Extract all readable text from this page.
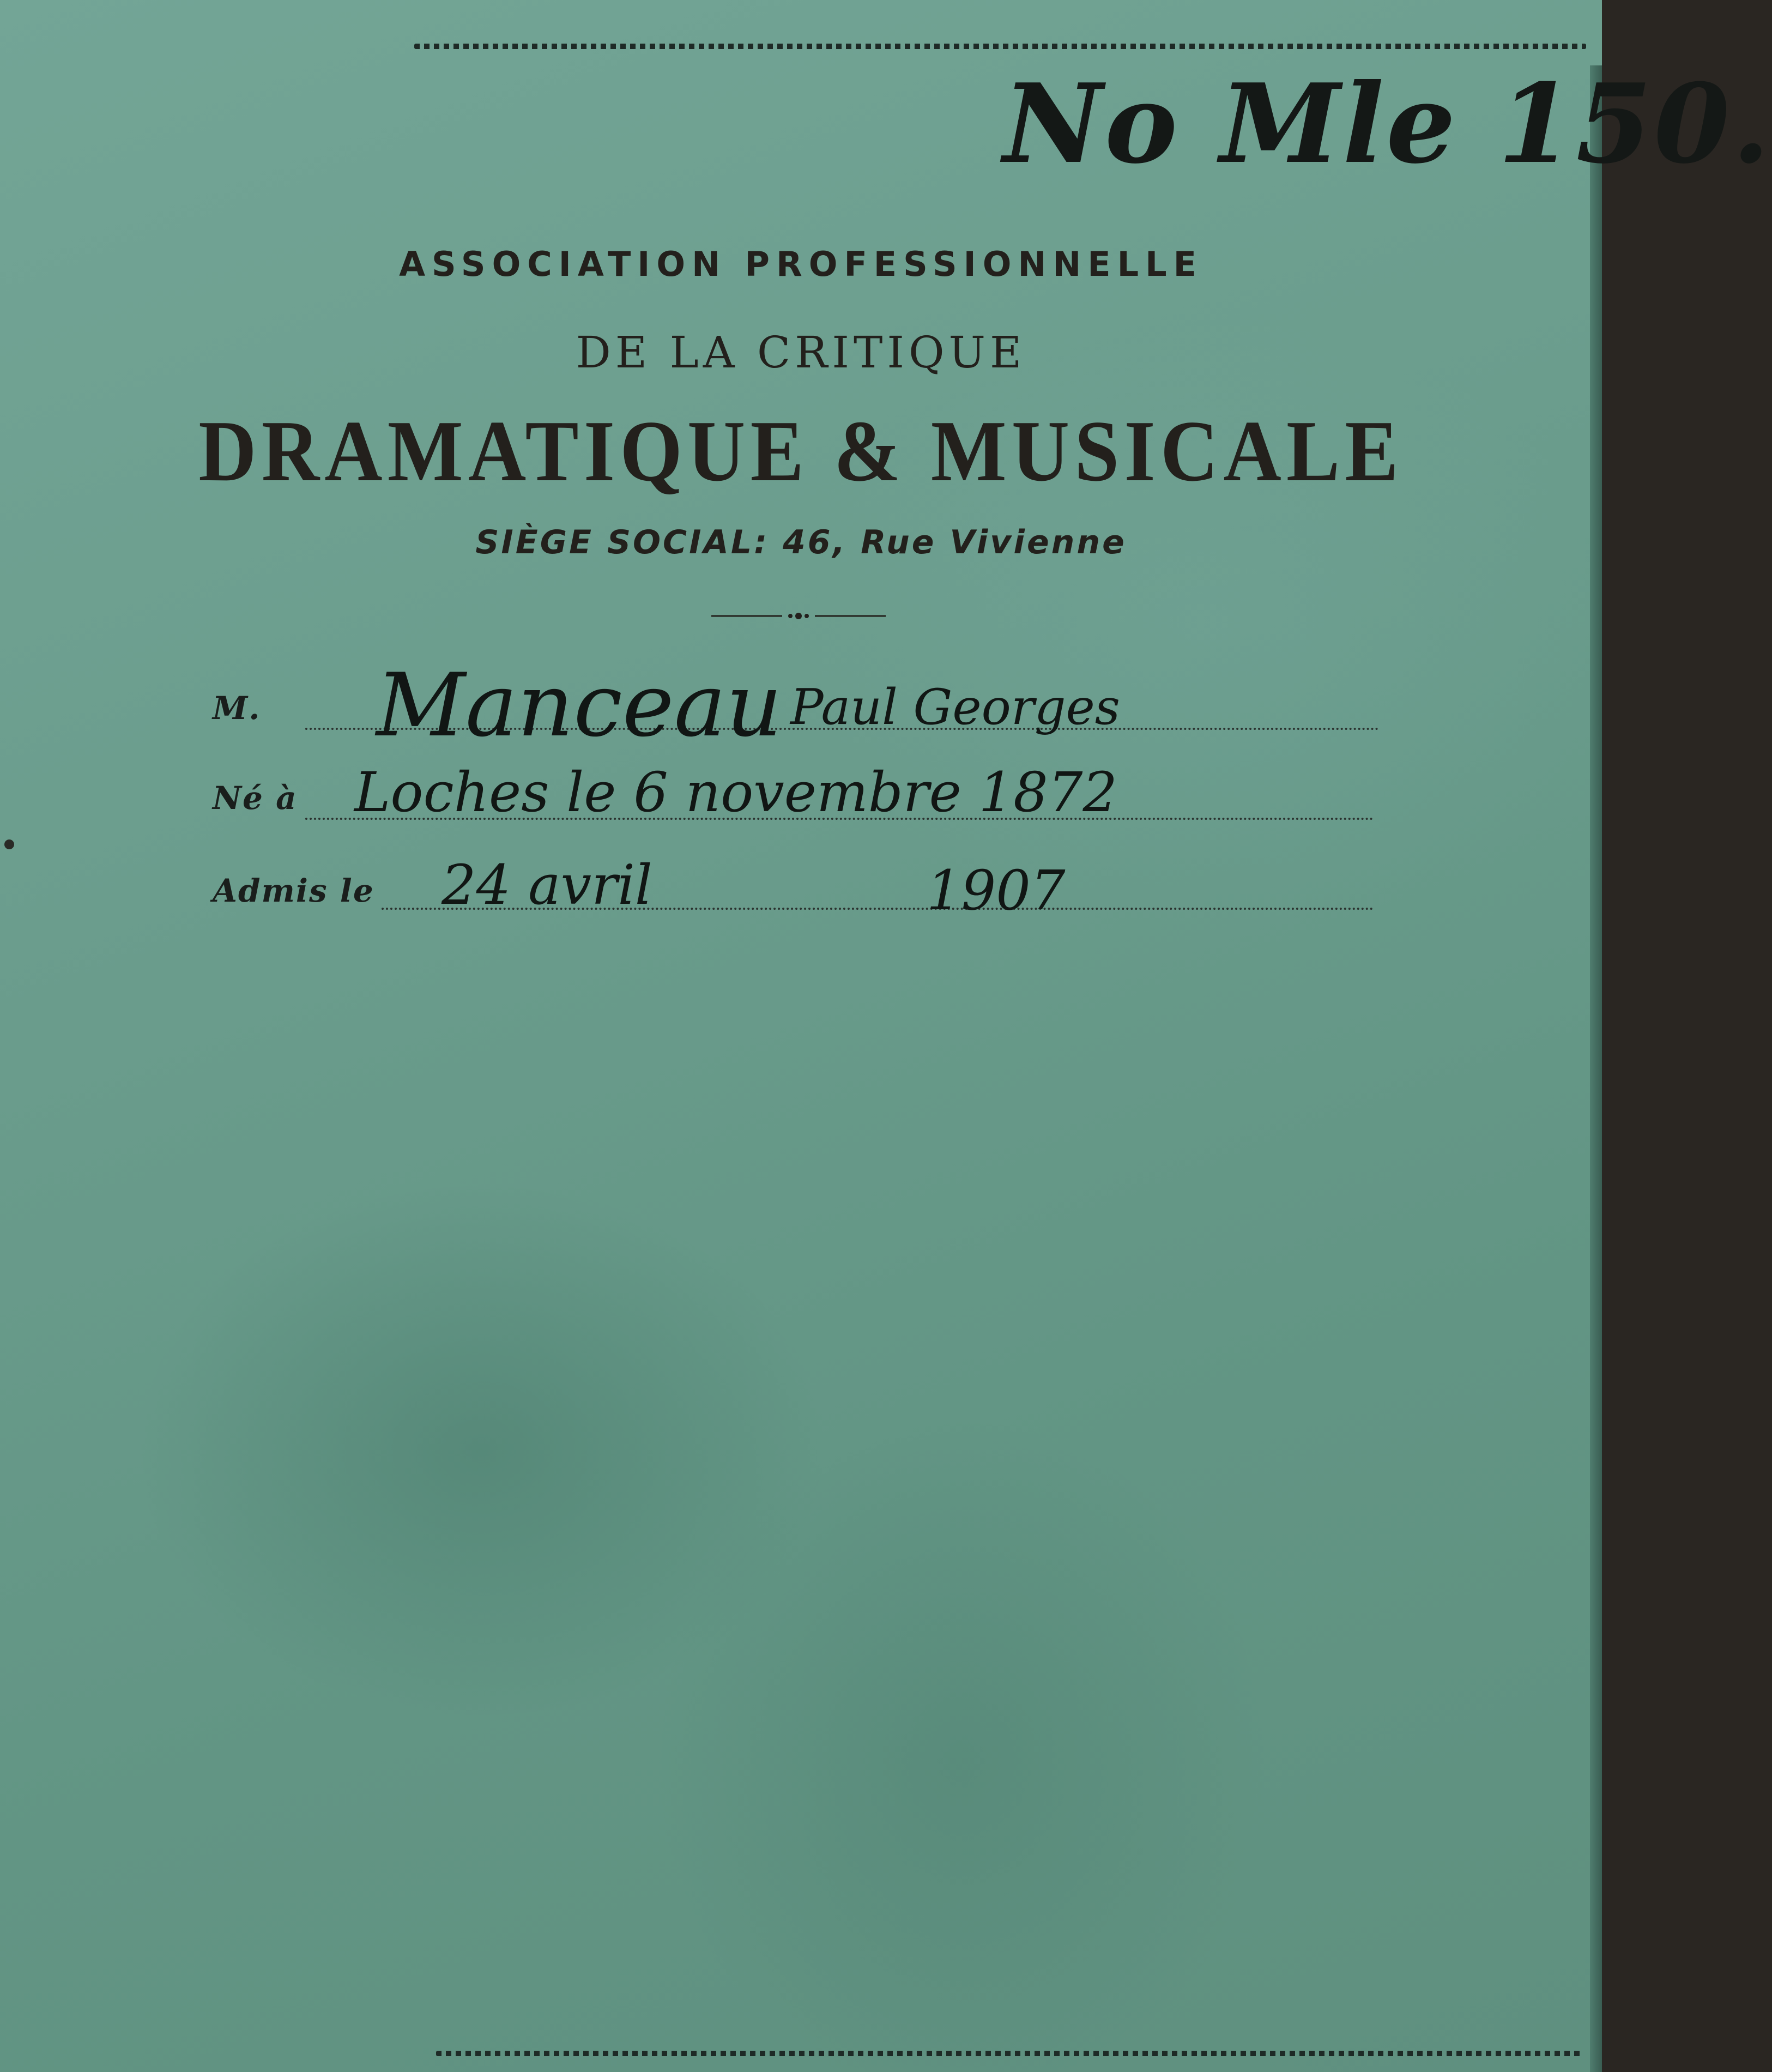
No Mle 150.
ASSOCIATION PROFESSIONNELLE
DE LA CRITIQUE
DRAMATIQUE & MUSICALE
SIÈGE SOCIAL: 46, Rue Vivienne
M. Manceau Paul Georges
Né à Loches le 6 novembre 1872
Admis le 24 avril	1907
